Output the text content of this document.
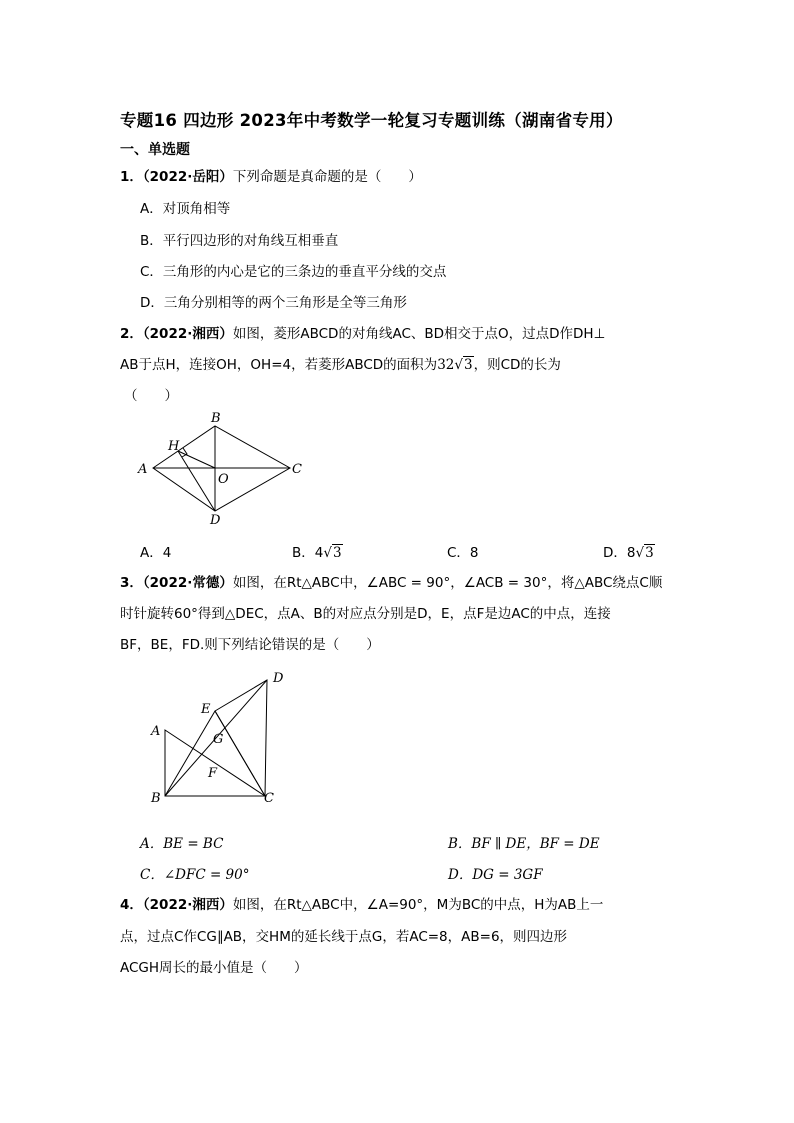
专题16 四边形 2023年中考数学一轮复习专题训练（湖南省专用）
一、单选题
1．（2022·岳阳）下列命题是真命题的是（　　）
A．对顶角相等
B．平行四边形的对角线互相垂直
C．三角形的内心是它的三条边的垂直平分线的交点
D．三角分别相等的两个三角形是全等三角形
2．（2022·湘西）如图，菱形ABCD的对角线AC、BD相交于点O，过点D作DH⊥
AB于点H，连接OH，OH=4，若菱形ABCD的面积为32√3，则CD的长为
（　　）
A
B
C
D
H
O
A．4	B．4√3	C．8	D．8√3
3．（2022·常德）如图，在Rt△ABC中，∠ABC = 90°，∠ACB = 30°，将△ABC绕点C顺
时针旋转60°得到△DEC，点A、B的对应点分别是D，E，点F是边AC的中点，连接
BF，BE，FD.则下列结论错误的是（　　）
A
B	C
D
E
F
G
A．BE = BC	B．BF ∥ DE，BF = DE
C．∠DFC = 90°	D．DG = 3GF
4．（2022·湘西）如图，在Rt△ABC中，∠A=90°，M为BC的中点，H为AB上一
点，过点C作CG∥AB，交HM的延长线于点G，若AC=8，AB=6，则四边形
ACGH周长的最小值是（　　）
